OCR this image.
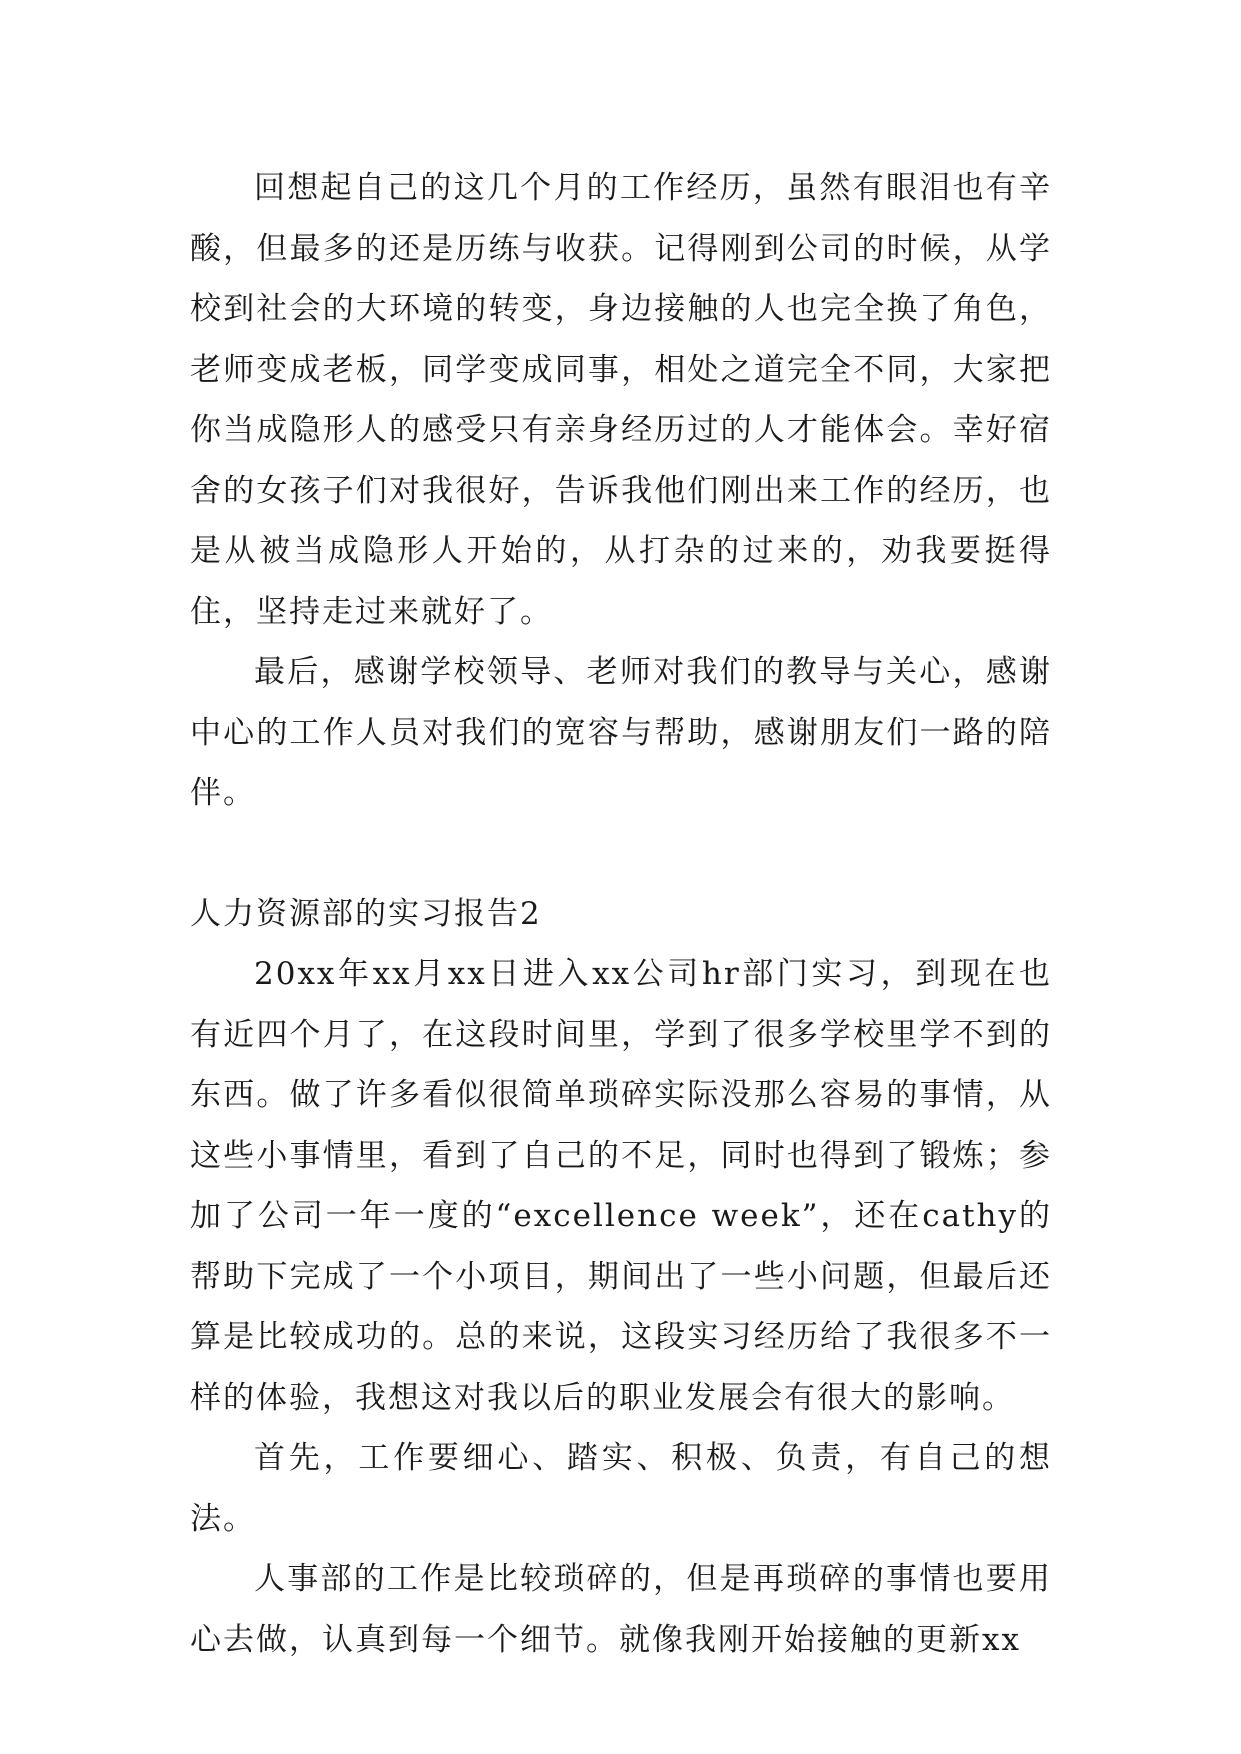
回想起自己的这几个月的工作经历，虽然有眼泪也有辛酸，但最多的还是历练与收获。记得刚到公司的时候，从学校到社会的大环境的转变，身边接触的人也完全换了角色，老师变成老板，同学变成同事，相处之道完全不同，大家把你当成隐形人的感受只有亲身经历过的人才能体会。幸好宿舍的女孩子们对我很好，告诉我他们刚出来工作的经历，也是从被当成隐形人开始的，从打杂的过来的，劝我要挺得住，坚持走过来就好了。

最后，感谢学校领导、老师对我们的教导与关心，感谢中心的工作人员对我们的宽容与帮助，感谢朋友们一路的陪伴。

人力资源部的实习报告2

20xx年xx月xx日进入xx公司hr部门实习，到现在也有近四个月了，在这段时间里，学到了很多学校里学不到的东西。做了许多看似很简单琐碎实际没那么容易的事情，从这些小事情里，看到了自己的不足，同时也得到了锻炼；参加了公司一年一度的“excellence week”，还在cathy的帮助下完成了一个小项目，期间出了一些小问题，但最后还算是比较成功的。总的来说，这段实习经历给了我很多不一样的体验，我想这对我以后的职业发展会有很大的影响。

首先，工作要细心、踏实、积极、负责，有自己的想法。

人事部的工作是比较琐碎的，但是再琐碎的事情也要用心去做，认真到每一个细节。就像我刚开始接触的更新xx
